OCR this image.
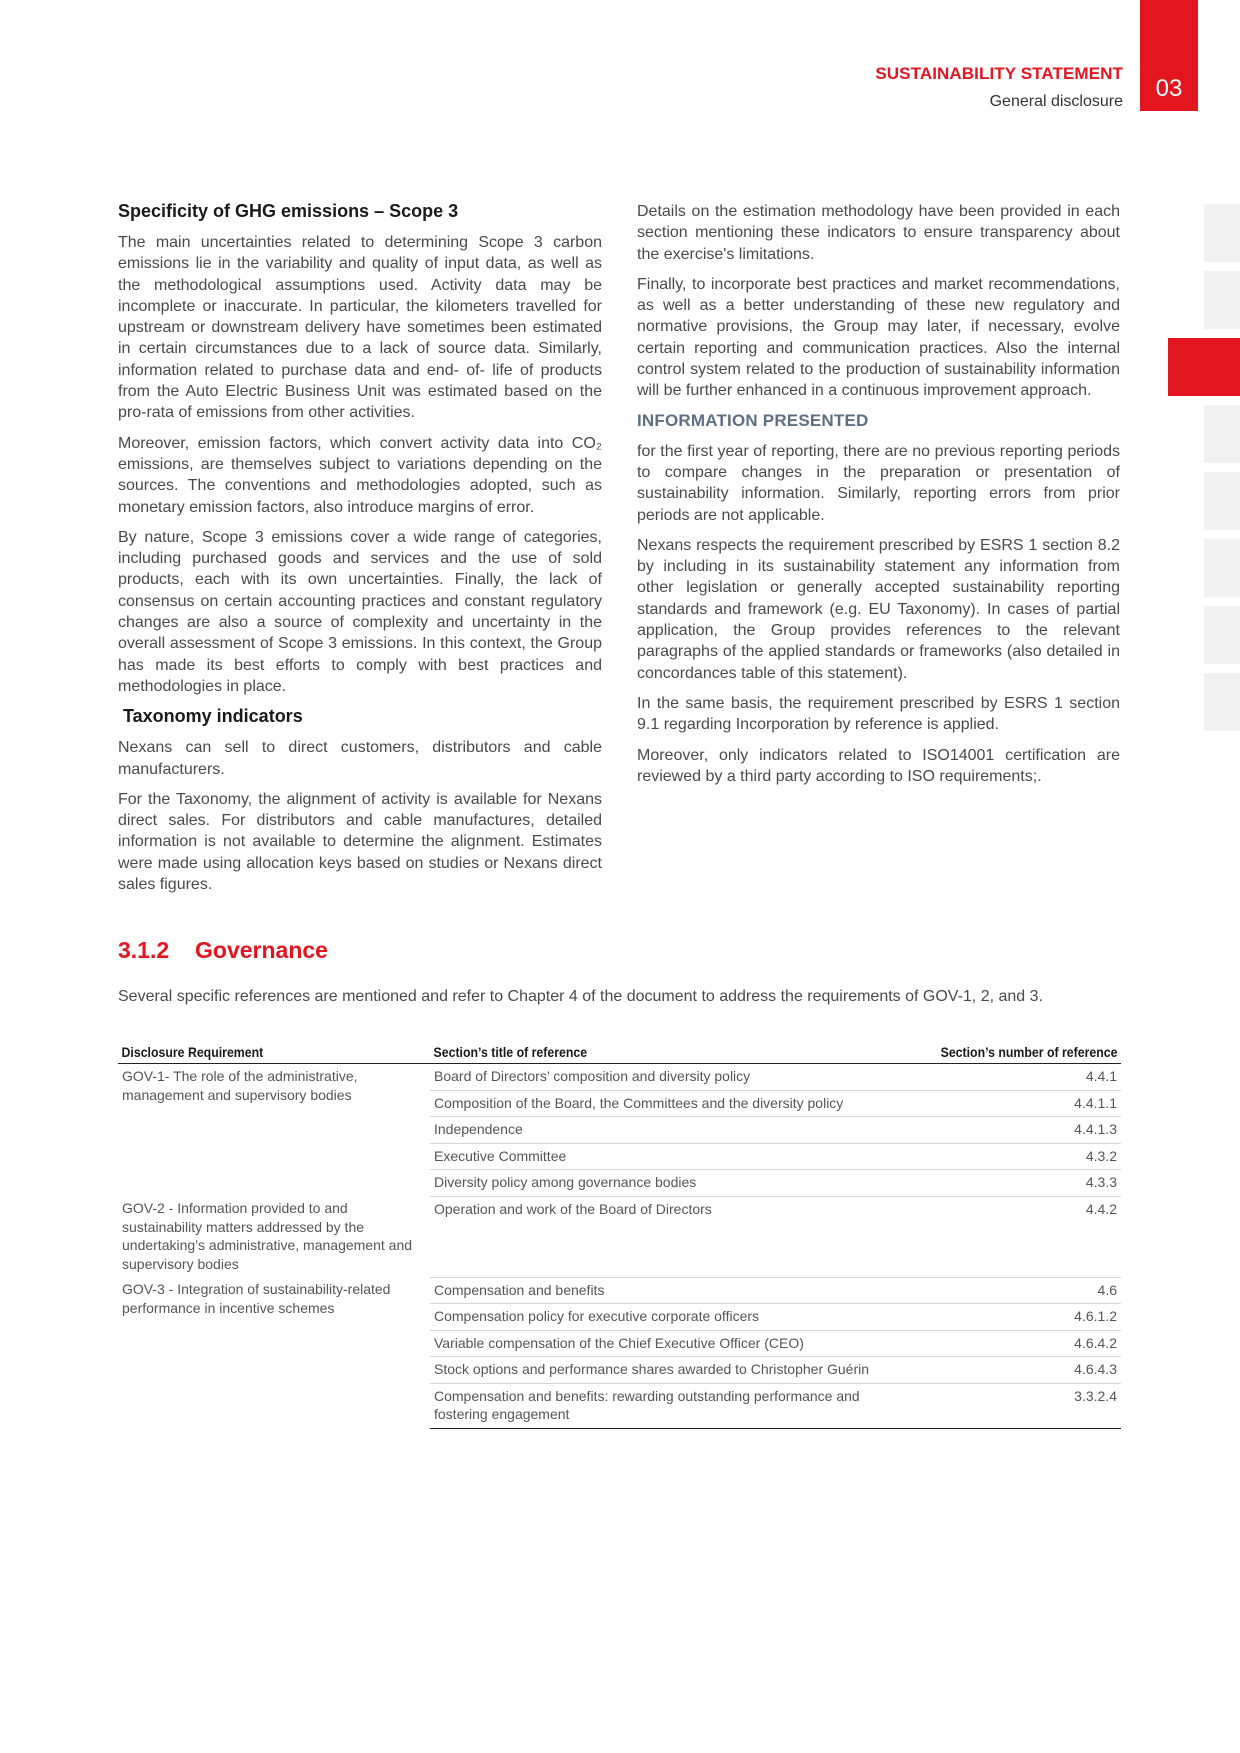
SUSTAINABILITY STATEMENT
General disclosure	03
Specificity of GHG emissions – Scope 3

The main uncertainties related to determining Scope 3 carbon emissions lie in the variability and quality of input data, as well as the methodological assumptions used. Activity data may be incomplete or inaccurate. In particular, the kilometers travelled for upstream or downstream delivery have sometimes been estimated in certain circumstances due to a lack of source data. Similarly, information related to purchase data and end- of- life of products from the Auto Electric Business Unit was estimated based on the pro-rata of emissions from other activities.

Moreover, emission factors, which convert activity data into CO₂ emissions, are themselves subject to variations depending on the sources. The conventions and methodologies adopted, such as monetary emission factors, also introduce margins of error.

By nature, Scope 3 emissions cover a wide range of categories, including purchased goods and services and the use of sold products, each with its own uncertainties. Finally, the lack of consensus on certain accounting practices and constant regulatory changes are also a source of complexity and uncertainty in the overall assessment of Scope 3 emissions. In this context, the Group has made its best efforts to comply with best practices and methodologies in place.

Taxonomy indicators

Nexans can sell to direct customers, distributors and cable manufacturers.

For the Taxonomy, the alignment of activity is available for Nexans direct sales. For distributors and cable manufactures, detailed information is not available to determine the alignment. Estimates were made using allocation keys based on studies or Nexans direct sales figures.

Details on the estimation methodology have been provided in each section mentioning these indicators to ensure transparency about the exercise's limitations.

Finally, to incorporate best practices and market recommendations, as well as a better understanding of these new regulatory and normative provisions, the Group may later, if necessary, evolve certain reporting and communication practices. Also the internal control system related to the production of sustainability information will be further enhanced in a continuous improvement approach.

INFORMATION PRESENTED

for the first year of reporting, there are no previous reporting periods to compare changes in the preparation or presentation of sustainability information. Similarly, reporting errors from prior periods are not applicable.

Nexans respects the requirement prescribed by ESRS 1 section 8.2 by including in its sustainability statement any information from other legislation or generally accepted sustainability reporting standards and framework (e.g. EU Taxonomy). In cases of partial application, the Group provides references to the relevant paragraphs of the applied standards or frameworks (also detailed in concordances table of this statement).

In the same basis, the requirement prescribed by ESRS 1 section 9.1 regarding Incorporation by reference is applied.

Moreover, only indicators related to ISO14001 certification are reviewed by a third party according to ISO requirements;.

3.1.2 Governance

Several specific references are mentioned and refer to Chapter 4 of the document to address the requirements of GOV-1, 2, and 3.

Disclosure Requirement	Section’s title of reference	Section’s number of reference
GOV-1- The role of the administrative, management and supervisory bodies	Board of Directors’ composition and diversity policy	4.4.1
	Composition of the Board, the Committees and the diversity policy	4.4.1.1
	Independence	4.4.1.3
	Executive Committee	4.3.2
	Diversity policy among governance bodies	4.3.3
GOV-2 - Information provided to and sustainability matters addressed by the undertaking’s administrative, management and supervisory bodies	Operation and work of the Board of Directors	4.4.2
GOV-3 - Integration of sustainability-related performance in incentive schemes	Compensation and benefits	4.6
	Compensation policy for executive corporate officers	4.6.1.2
	Variable compensation of the Chief Executive Officer (CEO)	4.6.4.2
	Stock options and performance shares awarded to Christopher Guérin	4.6.4.3
	Compensation and benefits: rewarding outstanding performance and fostering engagement	3.3.2.4
